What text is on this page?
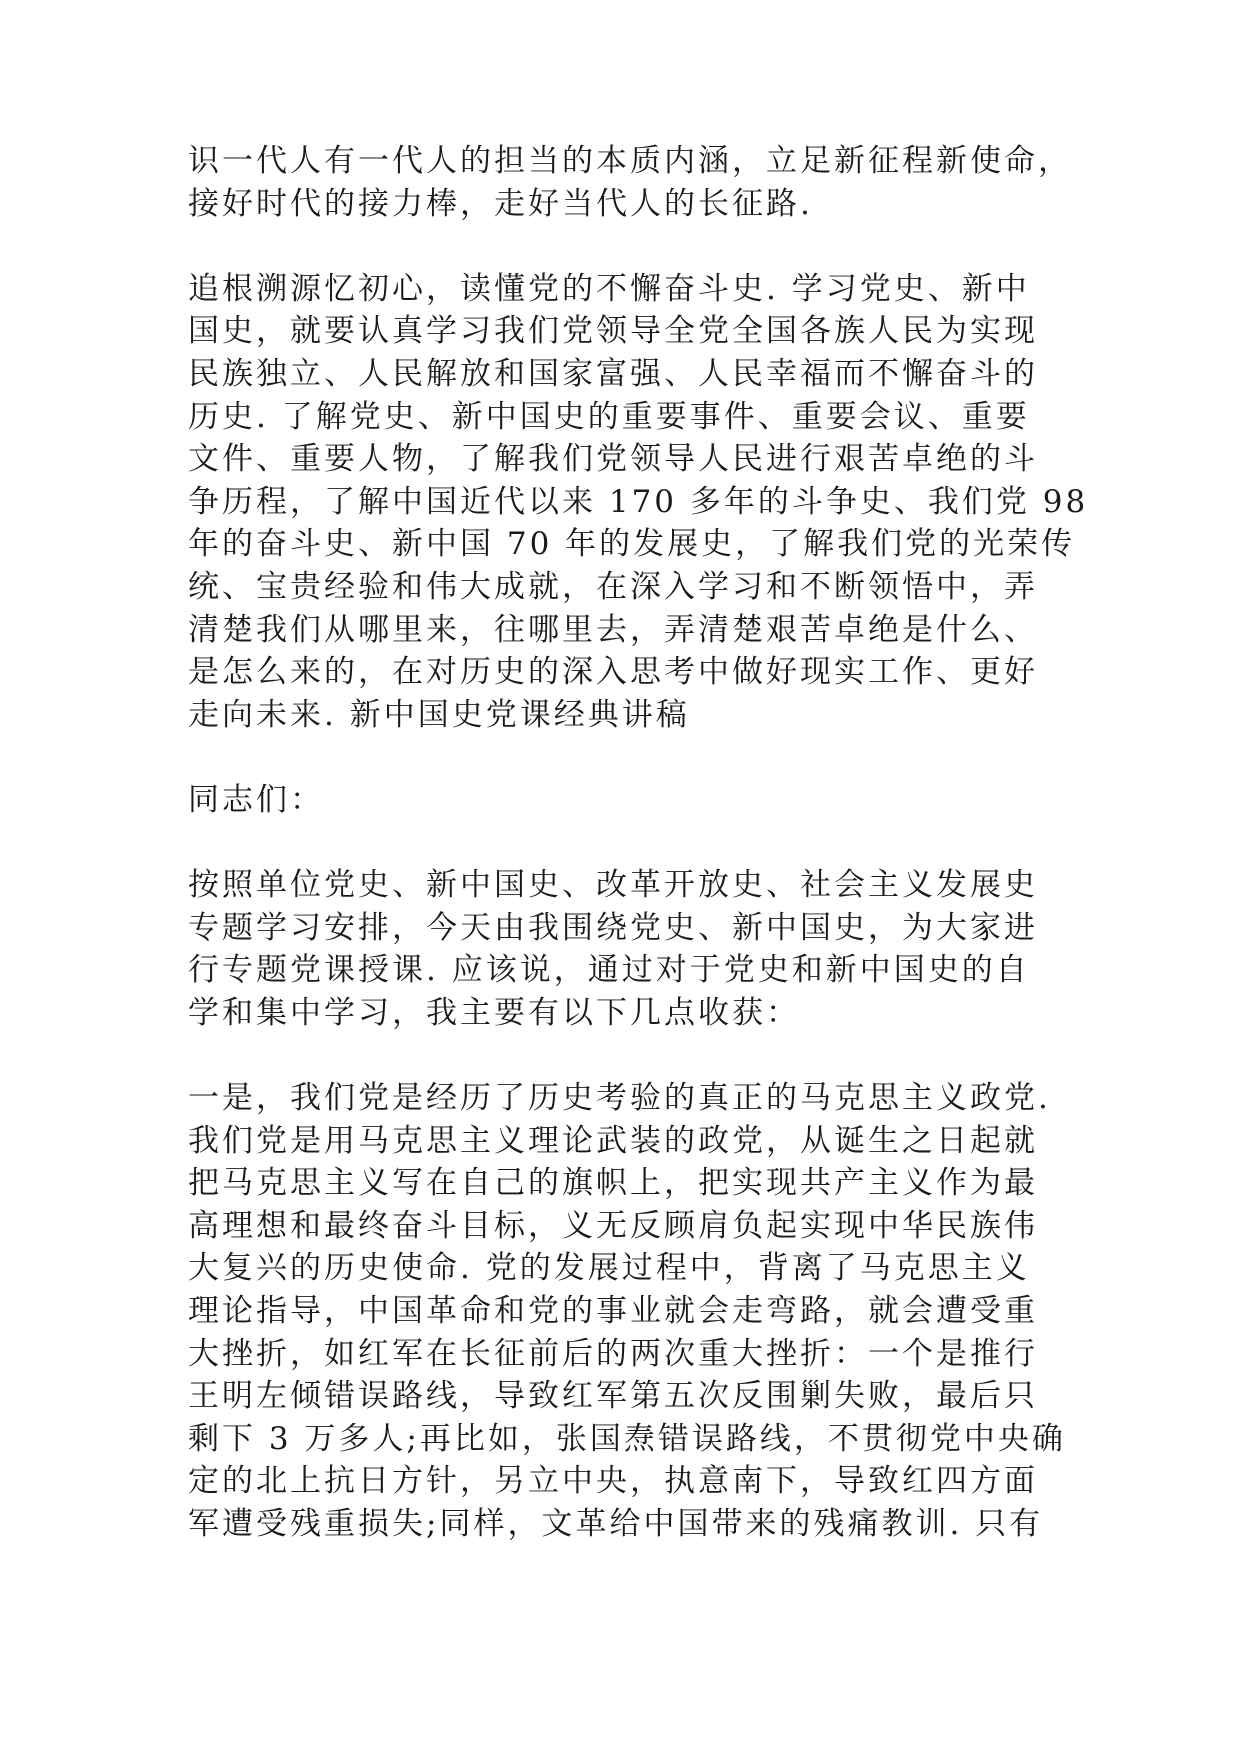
识一代人有一代人的担当的本质内涵，立足新征程新使命，
接好时代的接力棒，走好当代人的长征路.

追根溯源忆初心，读懂党的不懈奋斗史. 学习党史、新中
国史，就要认真学习我们党领导全党全国各族人民为实现
民族独立、人民解放和国家富强、人民幸福而不懈奋斗的
历史. 了解党史、新中国史的重要事件、重要会议、重要
文件、重要人物，了解我们党领导人民进行艰苦卓绝的斗
争历程，了解中国近代以来 170 多年的斗争史、我们党 98
年的奋斗史、新中国 70 年的发展史，了解我们党的光荣传
统、宝贵经验和伟大成就，在深入学习和不断领悟中，弄
清楚我们从哪里来，往哪里去，弄清楚艰苦卓绝是什么、
是怎么来的，在对历史的深入思考中做好现实工作、更好
走向未来. 新中国史党课经典讲稿

同志们：

按照单位党史、新中国史、改革开放史、社会主义发展史
专题学习安排，今天由我围绕党史、新中国史，为大家进
行专题党课授课. 应该说，通过对于党史和新中国史的自
学和集中学习，我主要有以下几点收获：

一是，我们党是经历了历史考验的真正的马克思主义政党.
我们党是用马克思主义理论武装的政党，从诞生之日起就
把马克思主义写在自己的旗帜上，把实现共产主义作为最
高理想和最终奋斗目标，义无反顾肩负起实现中华民族伟
大复兴的历史使命. 党的发展过程中，背离了马克思主义
理论指导，中国革命和党的事业就会走弯路，就会遭受重
大挫折，如红军在长征前后的两次重大挫折：一个是推行
王明左倾错误路线，导致红军第五次反围剿失败，最后只
剩下 3 万多人;再比如，张国焘错误路线，不贯彻党中央确
定的北上抗日方针，另立中央，执意南下，导致红四方面
军遭受残重损失;同样，文革给中国带来的残痛教训. 只有
